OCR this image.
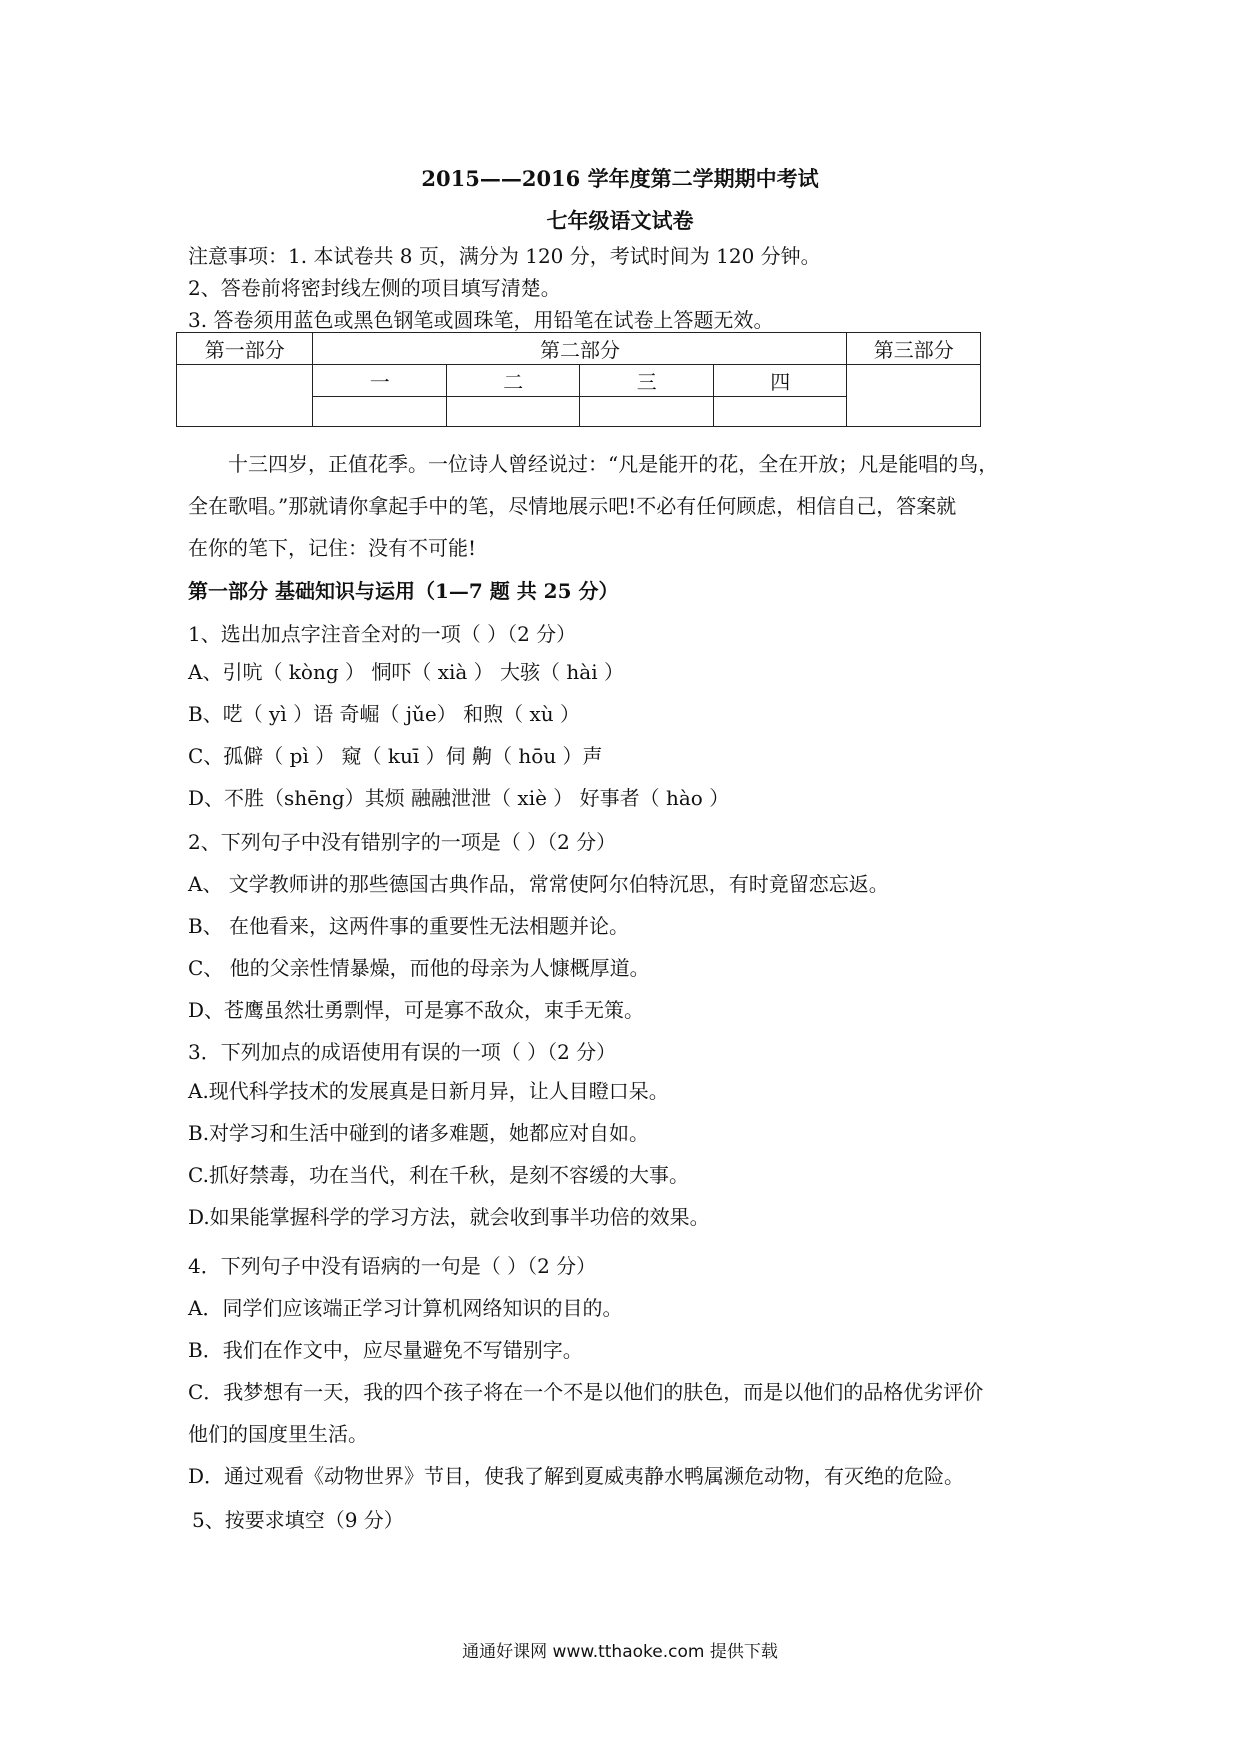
2015——2016 学年度第二学期期中考试
七年级语文试卷
注意事项：1. 本试卷共 8 页，满分为 120 分，考试时间为 120 分钟。
2、答卷前将密封线左侧的项目填写清楚。
3. 答卷须用蓝色或黑色钢笔或圆珠笔，用铅笔在试卷上答题无效。
第一部分	第二部分				第三部分
	一	二	三	四	

十三四岁，正值花季。一位诗人曾经说过：“凡是能开的花，全在开放；凡是能唱的鸟，
全在歌唱。”那就请你拿起手中的笔，尽情地展示吧!不必有任何顾虑，相信自己，答案就
在你的笔下，记住：没有不可能!
第一部分 基础知识与运用（1—7 题 共 25 分）
1、选出加点字注音全对的一项（ ）（2 分）
A、引吭（ kòng ） 恫吓（ xià ） 大骇（ hài ）
B、呓（ yì ）语 奇崛（ jǔe） 和煦（ xù ）
C、孤僻（ pì ） 窥（ kuī ）伺 齁（ hōu ）声
D、不胜（shēng）其烦 融融泄泄（ xiè ） 好事者（ hào ）
2、下列句子中没有错别字的一项是（ ）（2 分）
A、 文学教师讲的那些德国古典作品，常常使阿尔伯特沉思，有时竟留恋忘返。
B、 在他看来，这两件事的重要性无法相题并论。
C、 他的父亲性情暴燥，而他的母亲为人慷概厚道。
D、苍鹰虽然壮勇剽悍，可是寡不敌众，束手无策。
3．下列加点的成语使用有误的一项（ ）（2 分）
A.现代科学技术的发展真是日新月异，让人目瞪口呆。
B.对学习和生活中碰到的诸多难题，她都应对自如。
C.抓好禁毒，功在当代，利在千秋，是刻不容缓的大事。
D.如果能掌握科学的学习方法，就会收到事半功倍的效果。
4．下列句子中没有语病的一句是（ ）（2 分）
A．同学们应该端正学习计算机网络知识的目的。
B．我们在作文中，应尽量避免不写错别字。
C．我梦想有一天，我的四个孩子将在一个不是以他们的肤色，而是以他们的品格优劣评价
他们的国度里生活。
D．通过观看《动物世界》节目，使我了解到夏威夷静水鸭属濒危动物，有灭绝的危险。
5、按要求填空（9 分）
通通好课网 www.tthaoke.com 提供下载
